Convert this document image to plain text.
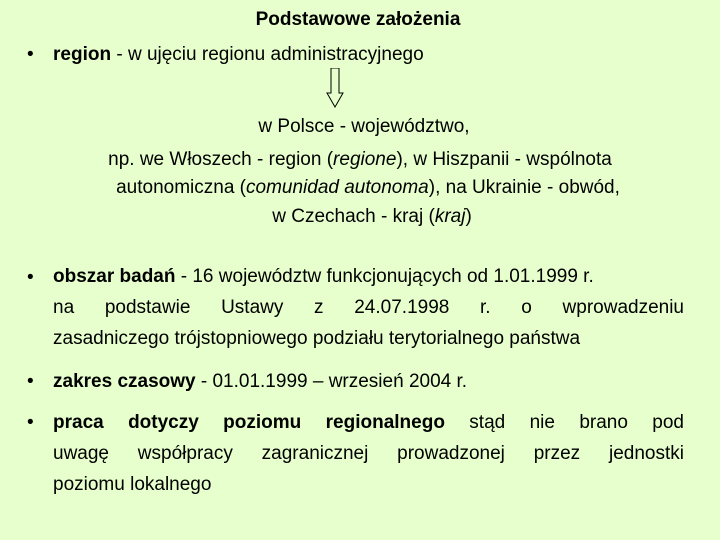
Podstawowe założenia
• region - w ujęciu regionu administracyjnego
w Polsce - województwo,
np. we Włoszech - region (regione), w Hiszpanii - wspólnota
autonomiczna (comunidad autonoma), na Ukrainie - obwód,
w Czechach - kraj (kraj)
• obszar badań - 16 województw funkcjonujących od 1.01.1999 r.
na podstawie Ustawy z 24.07.1998 r. o wprowadzeniu
zasadniczego trójstopniowego podziału terytorialnego państwa
• zakres czasowy - 01.01.1999 – wrzesień 2004 r.
• praca dotyczy poziomu regionalnego stąd nie brano pod
uwagę współpracy zagranicznej prowadzonej przez jednostki
poziomu lokalnego
